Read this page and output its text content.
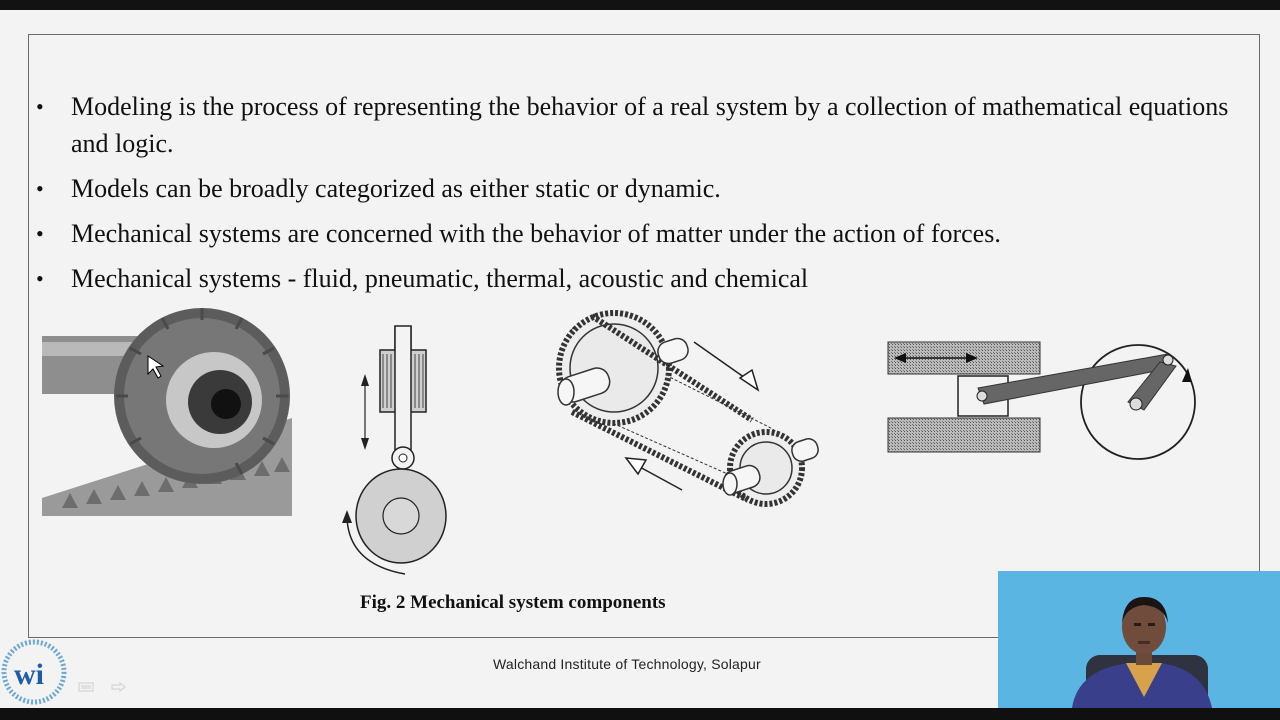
• Modeling is the process of representing the behavior of a real system by a collection of mathematical equations and logic.
• Models can be broadly categorized as either static or dynamic.
• Mechanical systems are concerned with the behavior of matter under the action of forces.
• Mechanical systems - fluid, pneumatic, thermal, acoustic and chemical
Fig. 2 Mechanical system components
Walchand Institute of Technology, Solapur
wi
